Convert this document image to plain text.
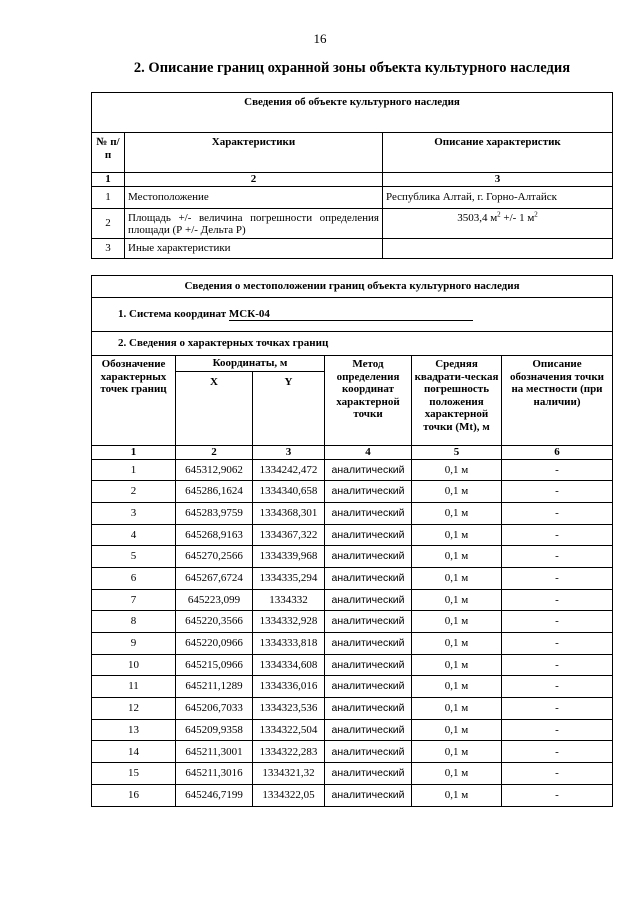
16
2. Описание границ охранной зоны объекта культурного наследия
Сведения об объекте культурного наследия		
№ п/п	Характеристики	Описание характеристик
1	2	3
1	Местоположение	Республика Алтай, г. Горно-Алтайск
2	Площадь +/- величина погрешности определения площади (Р +/- Дельта Р)	3503,4 $м^2$ +/- 1 $м^2$
3	Иные характеристики	
Сведения о местоположении границ объекта культурного наследия					
1. Система координат МСК-04					
2. Сведения о характерных точках границ					
Обозначение характерных точек границ	Координаты, м		Метод определения координат характерной точки	Средняя квадрати-ческая погрешность положения характерной точки (Mt), м	Описание обозначения точки на местности (при наличии)
	X	Y			
1	2	3	4	5	6
1	645312,9062	1334242,472	аналитический	0,1 м	-
2	645286,1624	1334340,658	аналитический	0,1 м	-
3	645283,9759	1334368,301	аналитический	0,1 м	-
4	645268,9163	1334367,322	аналитический	0,1 м	-
5	645270,2566	1334339,968	аналитический	0,1 м	-
6	645267,6724	1334335,294	аналитический	0,1 м	-
7	645223,099	1334332	аналитический	0,1 м	-
8	645220,3566	1334332,928	аналитический	0,1 м	-
9	645220,0966	1334333,818	аналитический	0,1 м	-
10	645215,0966	1334334,608	аналитический	0,1 м	-
11	645211,1289	1334336,016	аналитический	0,1 м	-
12	645206,7033	1334323,536	аналитический	0,1 м	-
13	645209,9358	1334322,504	аналитический	0,1 м	-
14	645211,3001	1334322,283	аналитический	0,1 м	-
15	645211,3016	1334321,32	аналитический	0,1 м	-
16	645246,7199	1334322,05	аналитический	0,1 м	-
